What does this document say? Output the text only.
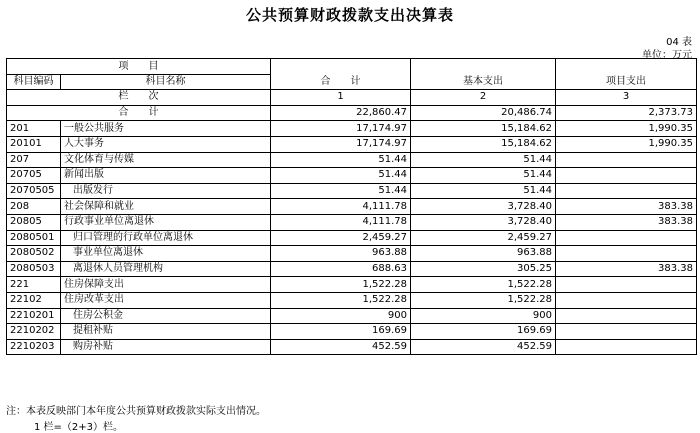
公共预算财政拨款支出决算表
04 表
单位：万元
项　　目		合　　计	基本支出	项目支出
科目编码	科目名称			
栏　　次		1	2	3
合　　计		22,860.47	20,486.74	2,373.73
201	一般公共服务	17,174.97	15,184.62	1,990.35
20101	人大事务	17,174.97	15,184.62	1,990.35
207	文化体育与传媒	51.44	51.44	
20705	新闻出版	51.44	51.44	
2070505	出版发行	51.44	51.44	
208	社会保障和就业	4,111.78	3,728.40	383.38
20805	行政事业单位离退休	4,111.78	3,728.40	383.38
2080501	归口管理的行政单位离退休	2,459.27	2,459.27	
2080502	事业单位离退休	963.88	963.88	
2080503	离退休人员管理机构	688.63	305.25	383.38
221	住房保障支出	1,522.28	1,522.28	
22102	住房改革支出	1,522.28	1,522.28	
2210201	住房公积金	900	900	
2210202	提租补贴	169.69	169.69	
2210203	购房补贴	452.59	452.59	
注：本表反映部门本年度公共预算财政拨款实际支出情况。
1 栏=（2+3）栏。
